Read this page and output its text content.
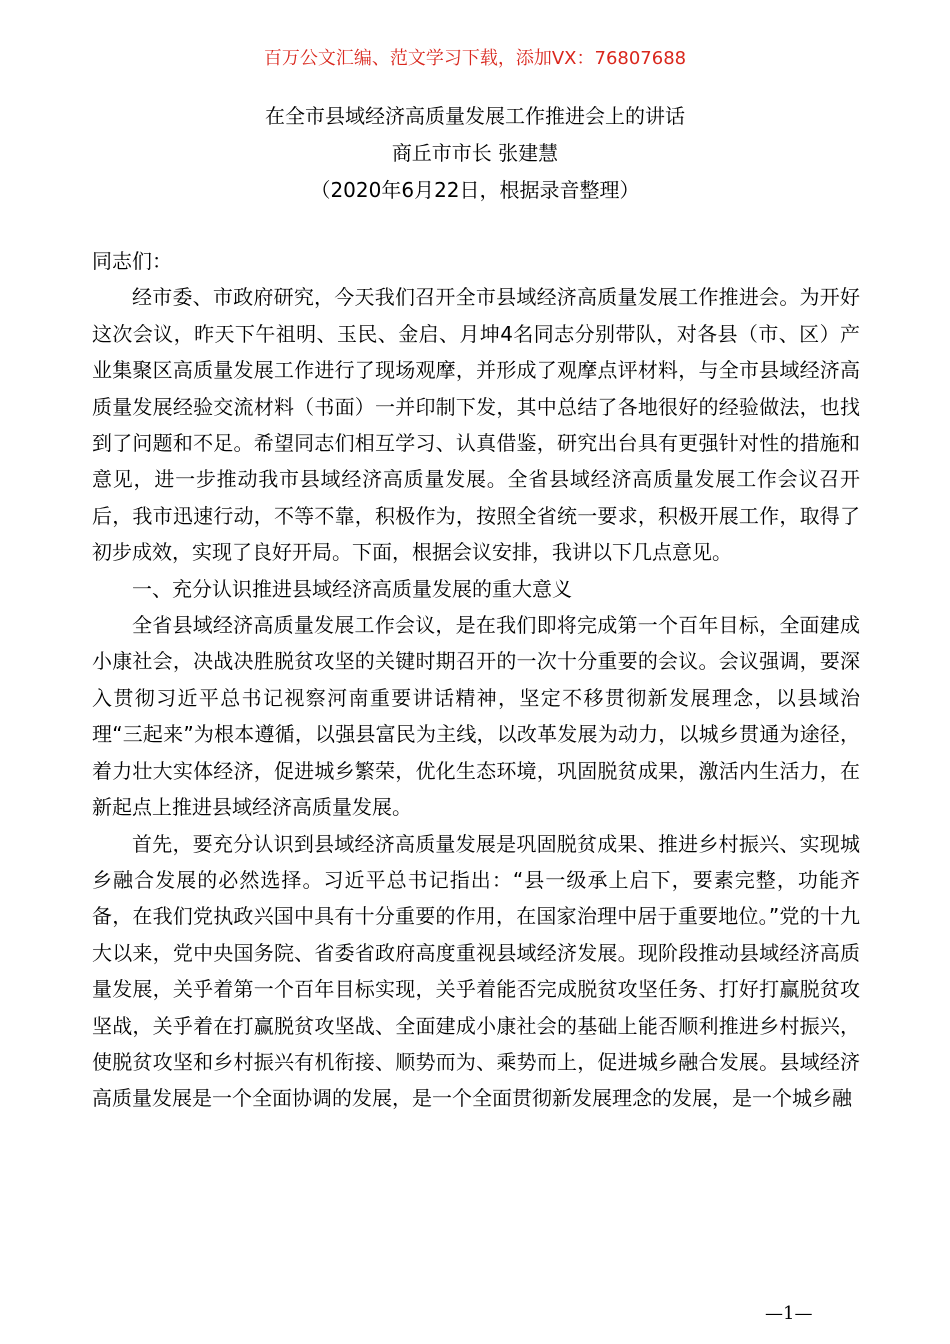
百万公文汇编、范文学习下载，添加VX：76807688
在全市县域经济高质量发展工作推进会上的讲话
商丘市市长 张建慧
（2020年6月22日，根据录音整理）

同志们：

经市委、市政府研究，今天我们召开全市县域经济高质量发展工作推进会。为开好这次会议，昨天下午祖明、玉民、金启、月坤4名同志分别带队，对各县（市、区）产业集聚区高质量发展工作进行了现场观摩，并形成了观摩点评材料，与全市县域经济高质量发展经验交流材料（书面）一并印制下发，其中总结了各地很好的经验做法，也找到了问题和不足。希望同志们相互学习、认真借鉴，研究出台具有更强针对性的措施和意见，进一步推动我市县域经济高质量发展。全省县域经济高质量发展工作会议召开后，我市迅速行动，不等不靠，积极作为，按照全省统一要求，积极开展工作，取得了初步成效，实现了良好开局。下面，根据会议安排，我讲以下几点意见。

一、充分认识推进县域经济高质量发展的重大意义

全省县域经济高质量发展工作会议，是在我们即将完成第一个百年目标，全面建成小康社会，决战决胜脱贫攻坚的关键时期召开的一次十分重要的会议。会议强调，要深入贯彻习近平总书记视察河南重要讲话精神，坚定不移贯彻新发展理念，以县域治理“三起来”为根本遵循，以强县富民为主线，以改革发展为动力，以城乡贯通为途径，着力壮大实体经济，促进城乡繁荣，优化生态环境，巩固脱贫成果，激活内生活力，在新起点上推进县域经济高质量发展。

首先，要充分认识到县域经济高质量发展是巩固脱贫成果、推进乡村振兴、实现城乡融合发展的必然选择。习近平总书记指出：“县一级承上启下，要素完整，功能齐备，在我们党执政兴国中具有十分重要的作用，在国家治理中居于重要地位。”党的十九大以来，党中央国务院、省委省政府高度重视县域经济发展。现阶段推动县域经济高质量发展，关乎着第一个百年目标实现，关乎着能否完成脱贫攻坚任务、打好打赢脱贫攻坚战，关乎着在打赢脱贫攻坚战、全面建成小康社会的基础上能否顺利推进乡村振兴，使脱贫攻坚和乡村振兴有机衔接、顺势而为、乘势而上，促进城乡融合发展。县域经济高质量发展是一个全面协调的发展，是一个全面贯彻新发展理念的发展，是一个城乡融

—1—
